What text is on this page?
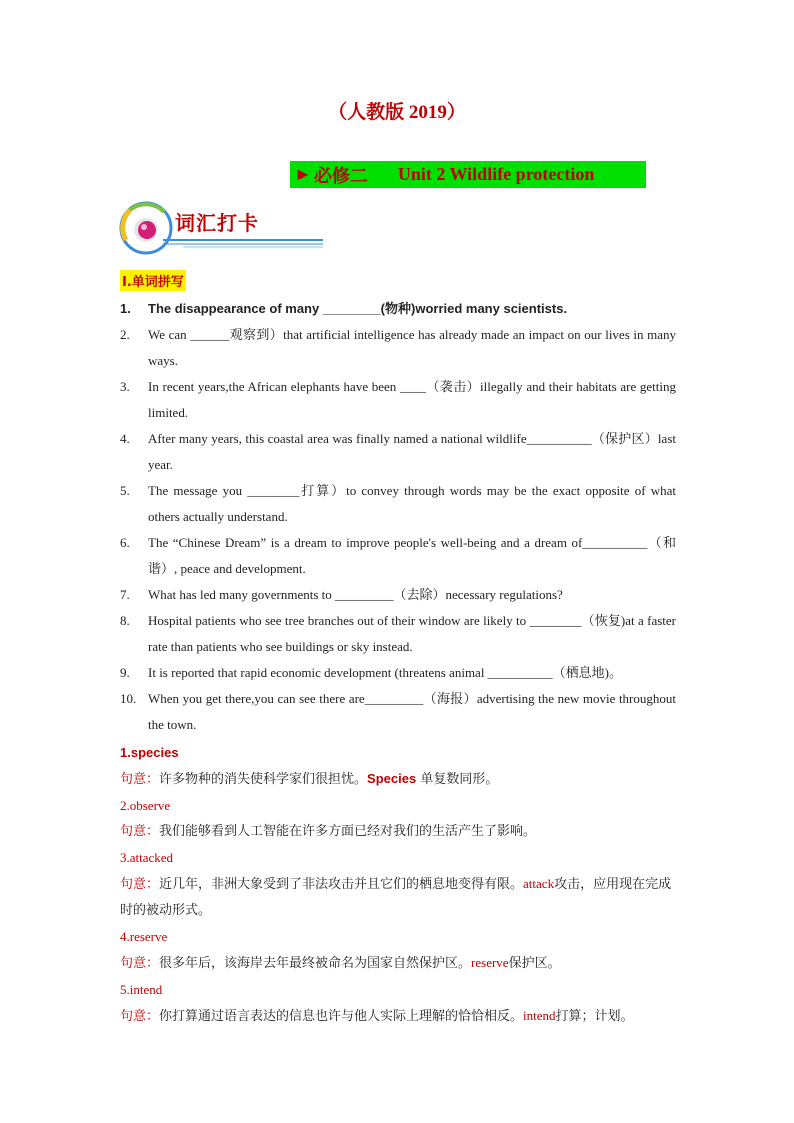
（人教版 2019）
► 必修二 Unit 2 Wildlife protection
词汇打卡
Ⅰ.单词拼写
1. The disappearance of many ________(物种)worried many scientists.
2. We can ______观察到）that artificial intelligence has already made an impact on our lives in many ways.
3. In recent years,the African elephants have been ____（袭击）illegally and their habitats are getting limited.
4. After many years, this coastal area was finally named a national wildlife__________（保护区）last year.
5. The message you ________打算）to convey through words may be the exact opposite of what others actually understand.
6. The “Chinese Dream” is a dream to improve people's well-being and a dream of__________（和谐）, peace and development.
7. What has led many governments to _________（去除）necessary regulations?
8. Hospital patients who see tree branches out of their window are likely to ________（恢复)at a faster rate than patients who see buildings or sky instead.
9. It is reported that rapid economic development (threatens animal __________（栖息地)。
10. When you get there,you can see there are_________（海报）advertising the new movie throughout the town.
1.species
句意：许多物种的消失使科学家们很担忧。Species 单复数同形。
2.observe
句意：我们能够看到人工智能在许多方面已经对我们的生活产生了影响。
3.attacked
句意：近几年，非洲大象受到了非法攻击并且它们的栖息地变得有限。attack攻击，应用现在完成时的被动形式。
4.reserve
句意：很多年后，该海岸去年最终被命名为国家自然保护区。reserve保护区。
5.intend
句意：你打算通过语言表达的信息也许与他人实际上理解的恰恰相反。intend打算；计划。
